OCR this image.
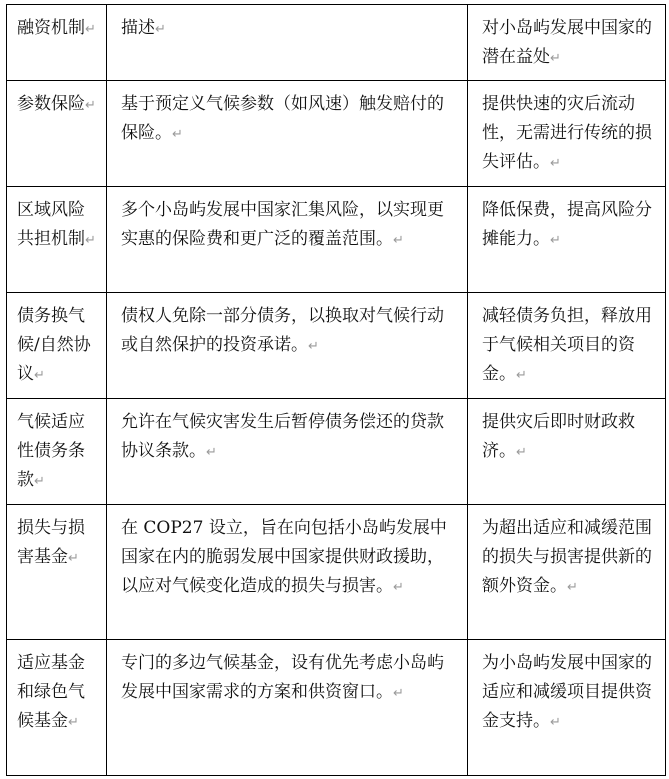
融资机制↵	描述↵	对小岛屿发展中国家的潜在益处↵
参数保险↵	基于预定义气候参数（如风速）触发赔付的保险。↵	提供快速的灾后流动性，无需进行传统的损失评估。↵
区域风险共担机制↵	多个小岛屿发展中国家汇集风险，以实现更实惠的保险费和更广泛的覆盖范围。↵	降低保费，提高风险分摊能力。↵
债务换气候/自然协议↵	债权人免除一部分债务，以换取对气候行动或自然保护的投资承诺。↵	减轻债务负担，释放用于气候相关项目的资金。↵
气候适应性债务条款↵	允许在气候灾害发生后暂停债务偿还的贷款协议条款。↵	提供灾后即时财政救济。↵
损失与损害基金↵	在 COP27 设立，旨在向包括小岛屿发展中国家在内的脆弱发展中国家提供财政援助，以应对气候变化造成的损失与损害。↵	为超出适应和减缓范围的损失与损害提供新的额外资金。↵
适应基金和绿色气候基金↵	专门的多边气候基金，设有优先考虑小岛屿发展中国家需求的方案和供资窗口。↵	为小岛屿发展中国家的适应和减缓项目提供资金支持。↵
